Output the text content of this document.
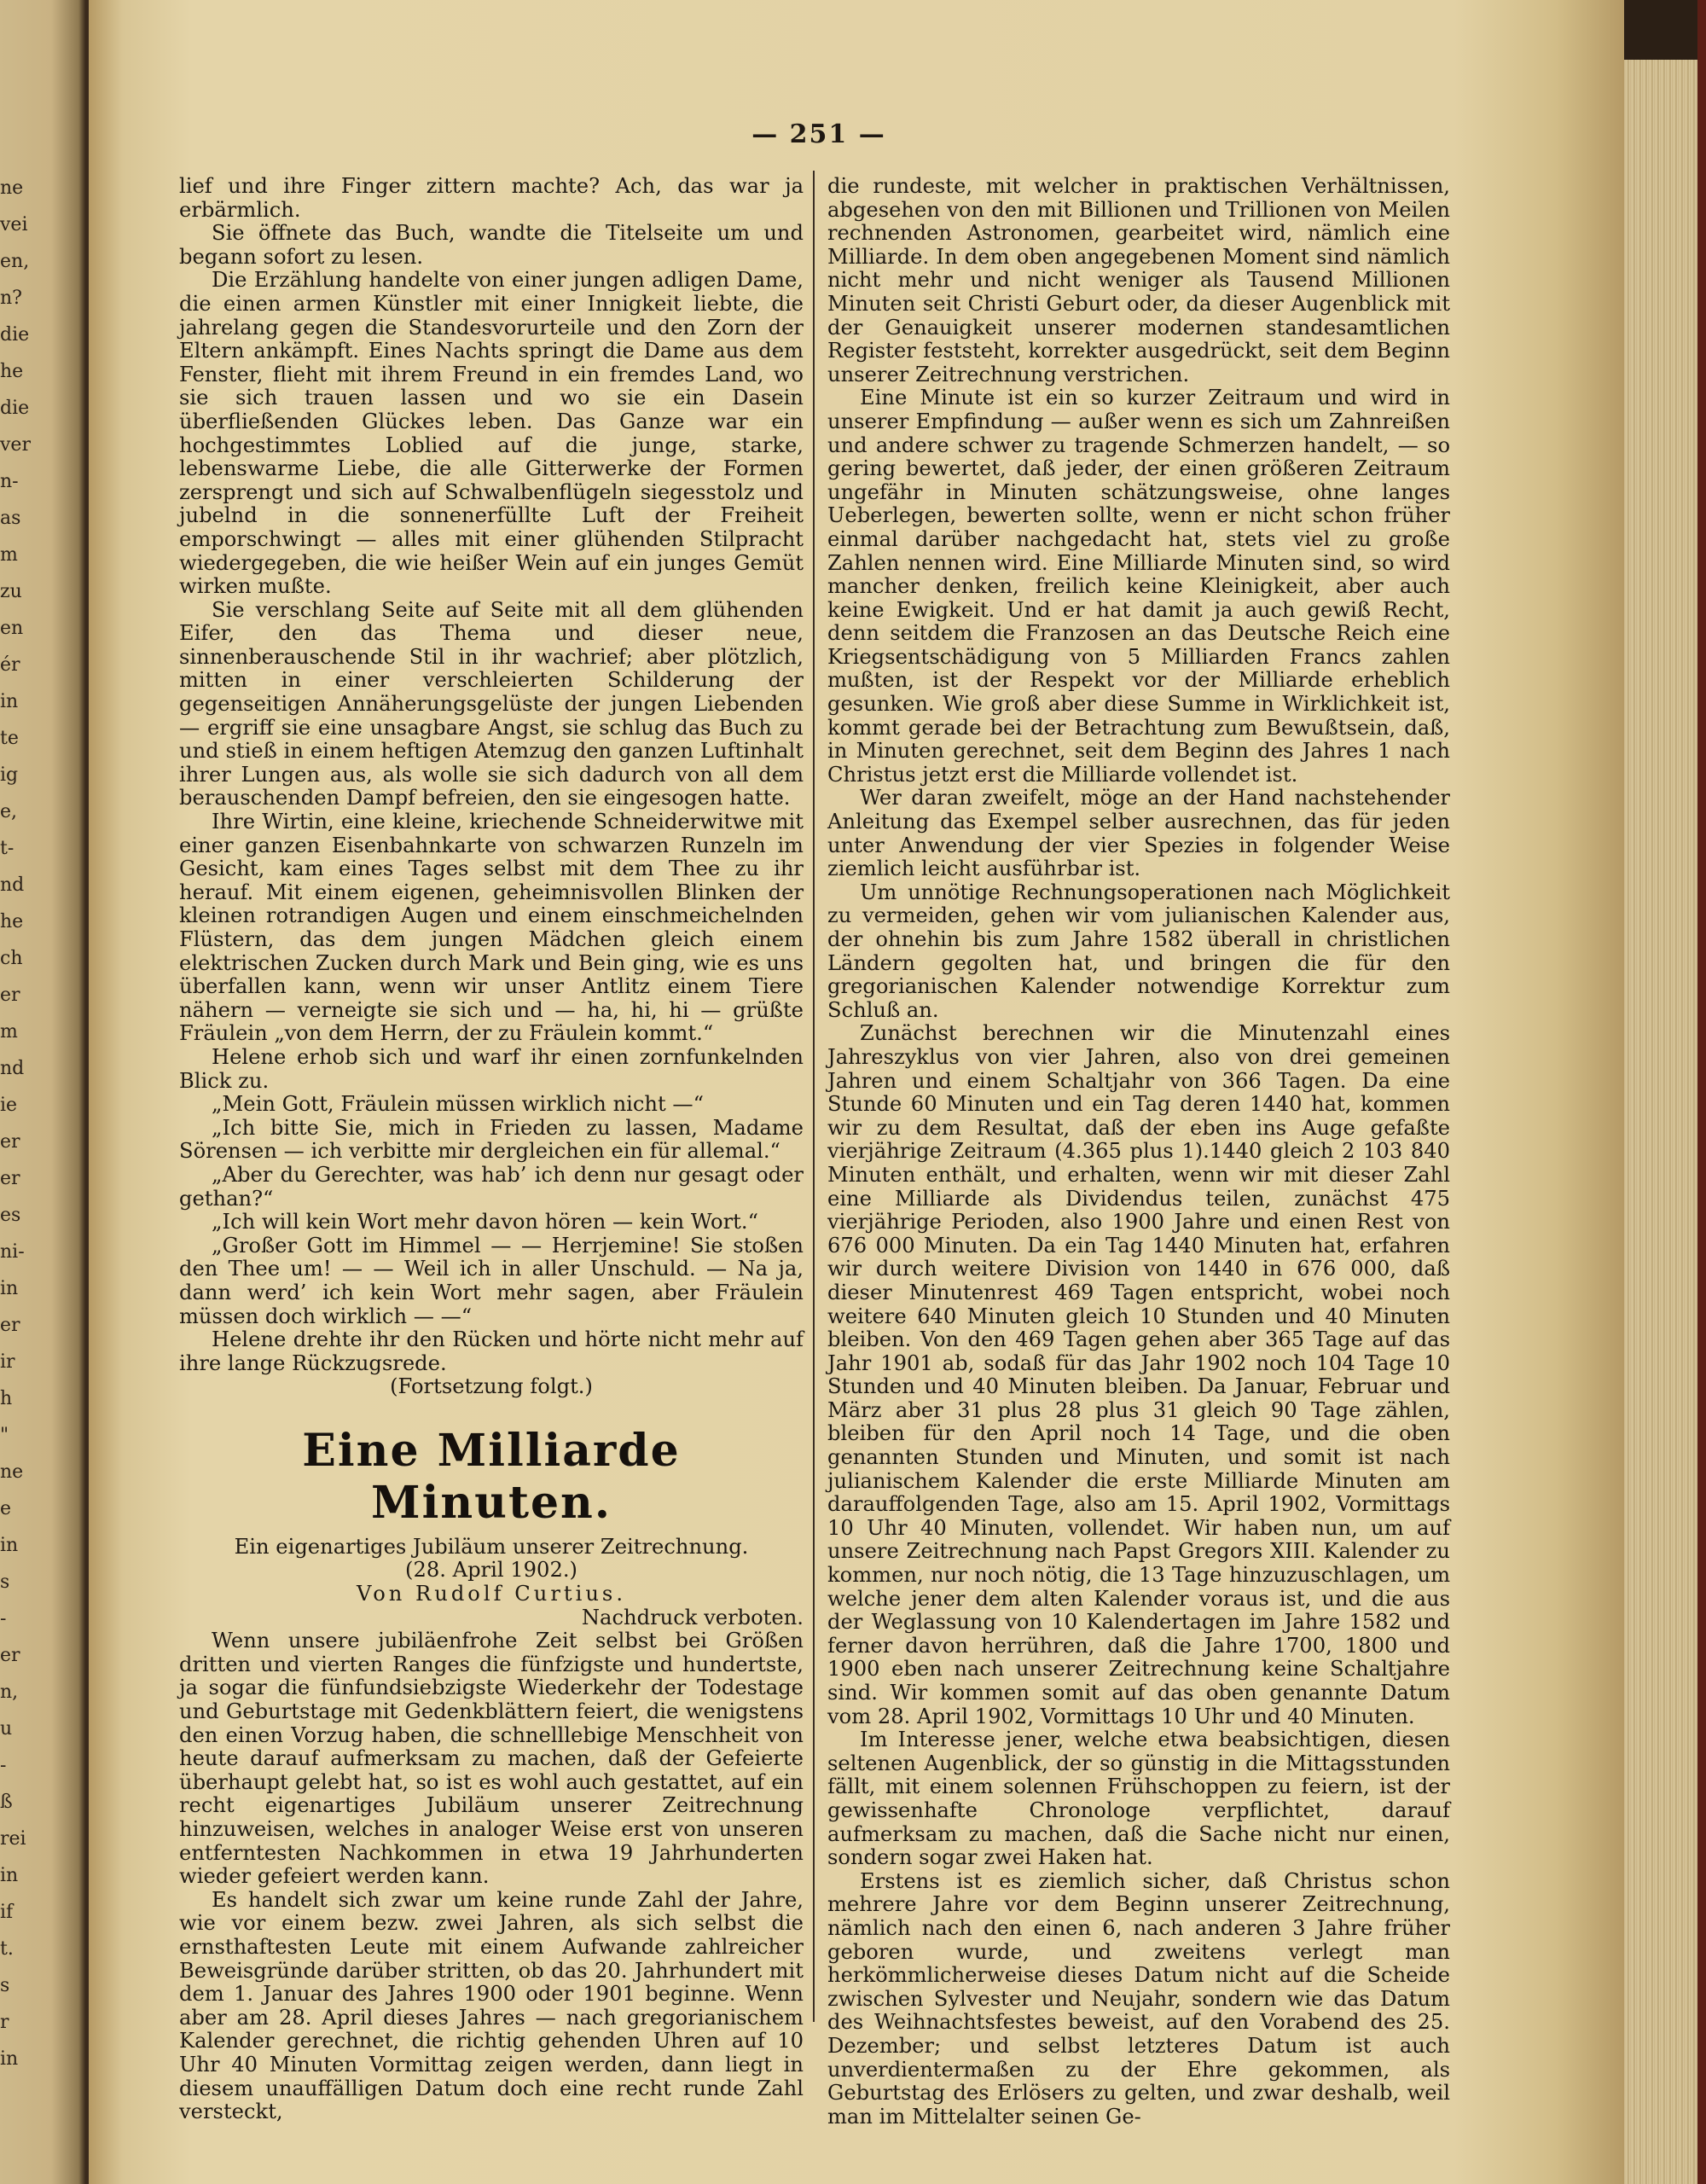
ne
vei
en,
n?
die
he
die
ver
n-
as
m
zu
en
ér
in
te
ig
e,
t-
nd
he
ch
er
m
nd
ie
er
er
es
ni-
in
er
ir
h
"
ne
e
in
s
-
er
n,
u
-
ß
rei
in
if
t.
s
r
in
— 251 —

lief und ihre Finger zittern machte? Ach, das war ja erbärmlich.

Sie öffnete das Buch, wandte die Titelseite um und begann sofort zu lesen.

Die Erzählung handelte von einer jungen adligen Dame, die einen armen Künstler mit einer Innigkeit liebte, die jahrelang gegen die Standesvorurteile und den Zorn der Eltern ankämpft. Eines Nachts springt die Dame aus dem Fenster, flieht mit ihrem Freund in ein fremdes Land, wo sie sich trauen lassen und wo sie ein Dasein überfließenden Glückes leben. Das Ganze war ein hochgestimmtes Loblied auf die junge, starke, lebenswarme Liebe, die alle Gitterwerke der Formen zersprengt und sich auf Schwalbenflügeln siegesstolz und jubelnd in die sonnenerfüllte Luft der Freiheit emporschwingt — alles mit einer glühenden Stilpracht wiedergegeben, die wie heißer Wein auf ein junges Gemüt wirken mußte.

Sie verschlang Seite auf Seite mit all dem glühenden Eifer, den das Thema und dieser neue, sinnenberauschende Stil in ihr wachrief; aber plötzlich, mitten in einer verschleierten Schilderung der gegenseitigen Annäherungsgelüste der jungen Liebenden — ergriff sie eine unsagbare Angst, sie schlug das Buch zu und stieß in einem heftigen Atemzug den ganzen Luftinhalt ihrer Lungen aus, als wolle sie sich dadurch von all dem berauschenden Dampf befreien, den sie eingesogen hatte.

Ihre Wirtin, eine kleine, kriechende Schneiderwitwe mit einer ganzen Eisenbahnkarte von schwarzen Runzeln im Gesicht, kam eines Tages selbst mit dem Thee zu ihr herauf. Mit einem eigenen, geheimnisvollen Blinken der kleinen rotrandigen Augen und einem einschmeichelnden Flüstern, das dem jungen Mädchen gleich einem elektrischen Zucken durch Mark und Bein ging, wie es uns überfallen kann, wenn wir unser Antlitz einem Tiere nähern — verneigte sie sich und — ha, hi, hi — grüßte Fräulein „von dem Herrn, der zu Fräulein kommt.“

Helene erhob sich und warf ihr einen zornfunkelnden Blick zu.

„Mein Gott, Fräulein müssen wirklich nicht —“

„Ich bitte Sie, mich in Frieden zu lassen, Madame Sörensen — ich verbitte mir dergleichen ein für allemal.“

„Aber du Gerechter, was hab’ ich denn nur gesagt oder gethan?“

„Ich will kein Wort mehr davon hören — kein Wort.“

„Großer Gott im Himmel — — Herrjemine! Sie stoßen den Thee um! — — Weil ich in aller Unschuld. — Na ja, dann werd’ ich kein Wort mehr sagen, aber Fräulein müssen doch wirklich — —“

Helene drehte ihr den Rücken und hörte nicht mehr auf ihre lange Rückzugsrede.

(Fortsetzung folgt.)

Eine Milliarde Minuten.

Ein eigenartiges Jubiläum unserer Zeitrechnung.

(28. April 1902.)

Von Rudolf Curtius.

Nachdruck verboten.

Wenn unsere jubiläenfrohe Zeit selbst bei Größen dritten und vierten Ranges die fünfzigste und hundertste, ja sogar die fünfundsiebzigste Wiederkehr der Todestage und Geburtstage mit Gedenkblättern feiert, die wenigstens den einen Vorzug haben, die schnelllebige Menschheit von heute darauf aufmerksam zu machen, daß der Gefeierte überhaupt gelebt hat, so ist es wohl auch gestattet, auf ein recht eigenartiges Jubiläum unserer Zeitrechnung hinzuweisen, welches in analoger Weise erst von unseren entferntesten Nachkommen in etwa 19 Jahrhunderten wieder gefeiert werden kann.

Es handelt sich zwar um keine runde Zahl der Jahre, wie vor einem bezw. zwei Jahren, als sich selbst die ernsthaftesten Leute mit einem Aufwande zahlreicher Beweisgründe darüber stritten, ob das 20. Jahrhundert mit dem 1. Januar des Jahres 1900 oder 1901 beginne. Wenn aber am 28. April dieses Jahres — nach gregorianischem Kalender gerechnet, die richtig gehenden Uhren auf 10 Uhr 40 Minuten Vormittag zeigen werden, dann liegt in diesem unauffälligen Datum doch eine recht runde Zahl versteckt,

die rundeste, mit welcher in praktischen Verhältnissen, abgesehen von den mit Billionen und Trillionen von Meilen rechnenden Astronomen, gearbeitet wird, nämlich eine Milliarde. In dem oben angegebenen Moment sind nämlich nicht mehr und nicht weniger als Tausend Millionen Minuten seit Christi Geburt oder, da dieser Augenblick mit der Genauigkeit unserer modernen standesamtlichen Register feststeht, korrekter ausgedrückt, seit dem Beginn unserer Zeitrechnung verstrichen.

Eine Minute ist ein so kurzer Zeitraum und wird in unserer Empfindung — außer wenn es sich um Zahnreißen und andere schwer zu tragende Schmerzen handelt, — so gering bewertet, daß jeder, der einen größeren Zeitraum ungefähr in Minuten schätzungsweise, ohne langes Ueberlegen, bewerten sollte, wenn er nicht schon früher einmal darüber nachgedacht hat, stets viel zu große Zahlen nennen wird. Eine Milliarde Minuten sind, so wird mancher denken, freilich keine Kleinigkeit, aber auch keine Ewigkeit. Und er hat damit ja auch gewiß Recht, denn seitdem die Franzosen an das Deutsche Reich eine Kriegsentschädigung von 5 Milliarden Francs zahlen mußten, ist der Respekt vor der Milliarde erheblich gesunken. Wie groß aber diese Summe in Wirklichkeit ist, kommt gerade bei der Betrachtung zum Bewußtsein, daß, in Minuten gerechnet, seit dem Beginn des Jahres 1 nach Christus jetzt erst die Milliarde vollendet ist.

Wer daran zweifelt, möge an der Hand nachstehender Anleitung das Exempel selber ausrechnen, das für jeden unter Anwendung der vier Spezies in folgender Weise ziemlich leicht ausführbar ist.

Um unnötige Rechnungsoperationen nach Möglichkeit zu vermeiden, gehen wir vom julianischen Kalender aus, der ohnehin bis zum Jahre 1582 überall in christlichen Ländern gegolten hat, und bringen die für den gregorianischen Kalender notwendige Korrektur zum Schluß an.

Zunächst berechnen wir die Minutenzahl eines Jahreszyklus von vier Jahren, also von drei gemeinen Jahren und einem Schaltjahr von 366 Tagen. Da eine Stunde 60 Minuten und ein Tag deren 1440 hat, kommen wir zu dem Resultat, daß der eben ins Auge gefaßte vierjährige Zeitraum (4.365 plus 1).1440 gleich 2 103 840 Minuten enthält, und erhalten, wenn wir mit dieser Zahl eine Milliarde als Dividendus teilen, zunächst 475 vierjährige Perioden, also 1900 Jahre und einen Rest von 676 000 Minuten. Da ein Tag 1440 Minuten hat, erfahren wir durch weitere Division von 1440 in 676 000, daß dieser Minutenrest 469 Tagen entspricht, wobei noch weitere 640 Minuten gleich 10 Stunden und 40 Minuten bleiben. Von den 469 Tagen gehen aber 365 Tage auf das Jahr 1901 ab, sodaß für das Jahr 1902 noch 104 Tage 10 Stunden und 40 Minuten bleiben. Da Januar, Februar und März aber 31 plus 28 plus 31 gleich 90 Tage zählen, bleiben für den April noch 14 Tage, und die oben genannten Stunden und Minuten, und somit ist nach julianischem Kalender die erste Milliarde Minuten am darauffolgenden Tage, also am 15. April 1902, Vormittags 10 Uhr 40 Minuten, vollendet. Wir haben nun, um auf unsere Zeitrechnung nach Papst Gregors XIII. Kalender zu kommen, nur noch nötig, die 13 Tage hinzuzuschlagen, um welche jener dem alten Kalender voraus ist, und die aus der Weglassung von 10 Kalendertagen im Jahre 1582 und ferner davon herrühren, daß die Jahre 1700, 1800 und 1900 eben nach unserer Zeitrechnung keine Schaltjahre sind. Wir kommen somit auf das oben genannte Datum vom 28. April 1902, Vormittags 10 Uhr und 40 Minuten.

Im Interesse jener, welche etwa beabsichtigen, diesen seltenen Augenblick, der so günstig in die Mittagsstunden fällt, mit einem solennen Frühschoppen zu feiern, ist der gewissenhafte Chronologe verpflichtet, darauf aufmerksam zu machen, daß die Sache nicht nur einen, sondern sogar zwei Haken hat.

Erstens ist es ziemlich sicher, daß Christus schon mehrere Jahre vor dem Beginn unserer Zeitrechnung, nämlich nach den einen 6, nach anderen 3 Jahre früher geboren wurde, und zweitens verlegt man herkömmlicherweise dieses Datum nicht auf die Scheide zwischen Sylvester und Neujahr, sondern wie das Datum des Weihnachtsfestes beweist, auf den Vorabend des 25. Dezember; und selbst letzteres Datum ist auch unverdientermaßen zu der Ehre gekommen, als Geburtstag des Erlösers zu gelten, und zwar deshalb, weil man im Mittelalter seinen Ge-
